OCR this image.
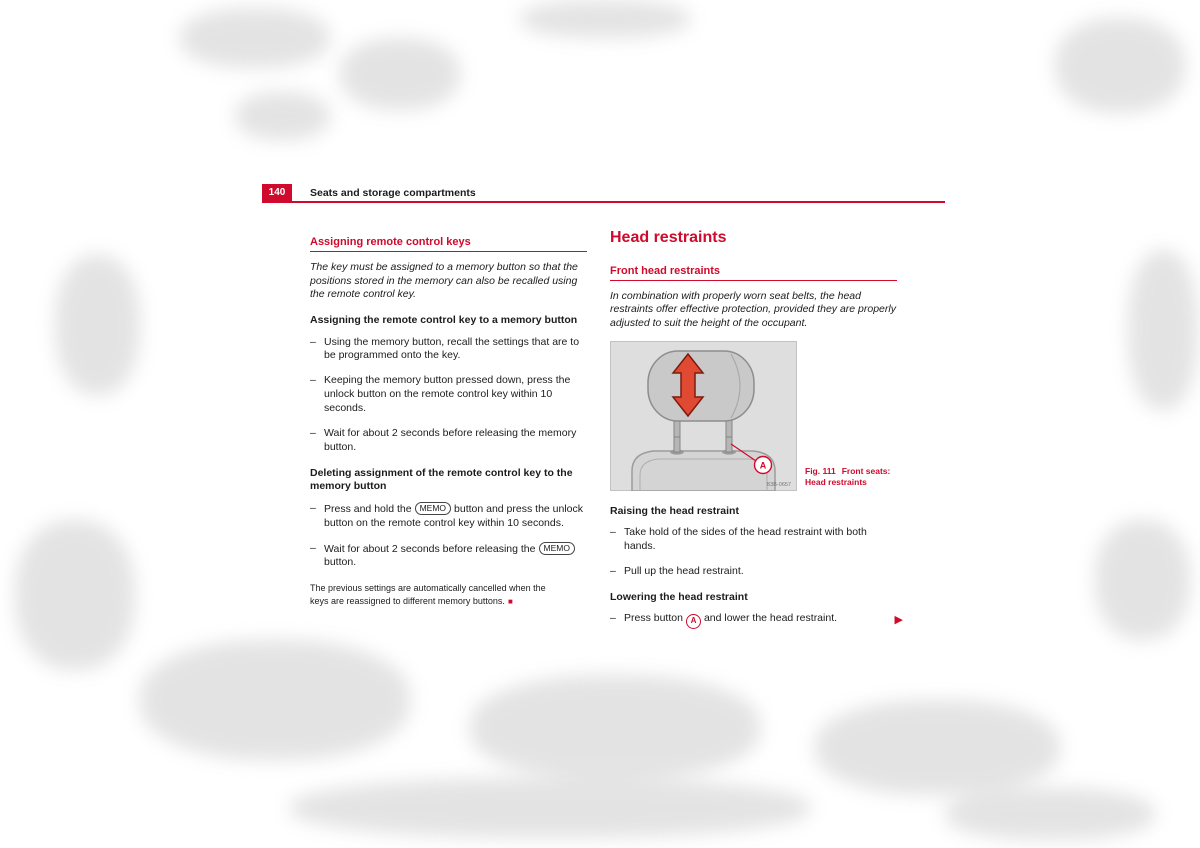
140	Seats and storage compartments
Assigning remote control keys

The key must be assigned to a memory button so that the positions stored in the memory can also be recalled using the remote control key.

Assigning the remote control key to a memory button
– Using the memory button, recall the settings that are to be programmed onto the key.
– Keeping the memory button pressed down, press the unlock button on the remote control key within 10 seconds.
– Wait for about 2 seconds before releasing the memory button.
Deleting assignment of the remote control key to the memory button
– Press and hold the MEMO button and press the unlock button on the remote control key within 10 seconds.
– Wait for about 2 seconds before releasing the MEMObutton.
The previous settings are automatically cancelled when the keys are reassigned to different memory buttons. ■
Head restraints
Front head restraints

In combination with properly worn seat belts, the head restraints offer effective protection, provided they are properly adjusted to suit the height of the occupant.

A
B3B-0657
Fig. 111 Front seats: Head restraints
Raising the head restraint
– Take hold of the sides of the head restraint with both hands.
– Pull up the head restraint.
Lowering the head restraint
– Press button A and lower the head restraint.	▶
